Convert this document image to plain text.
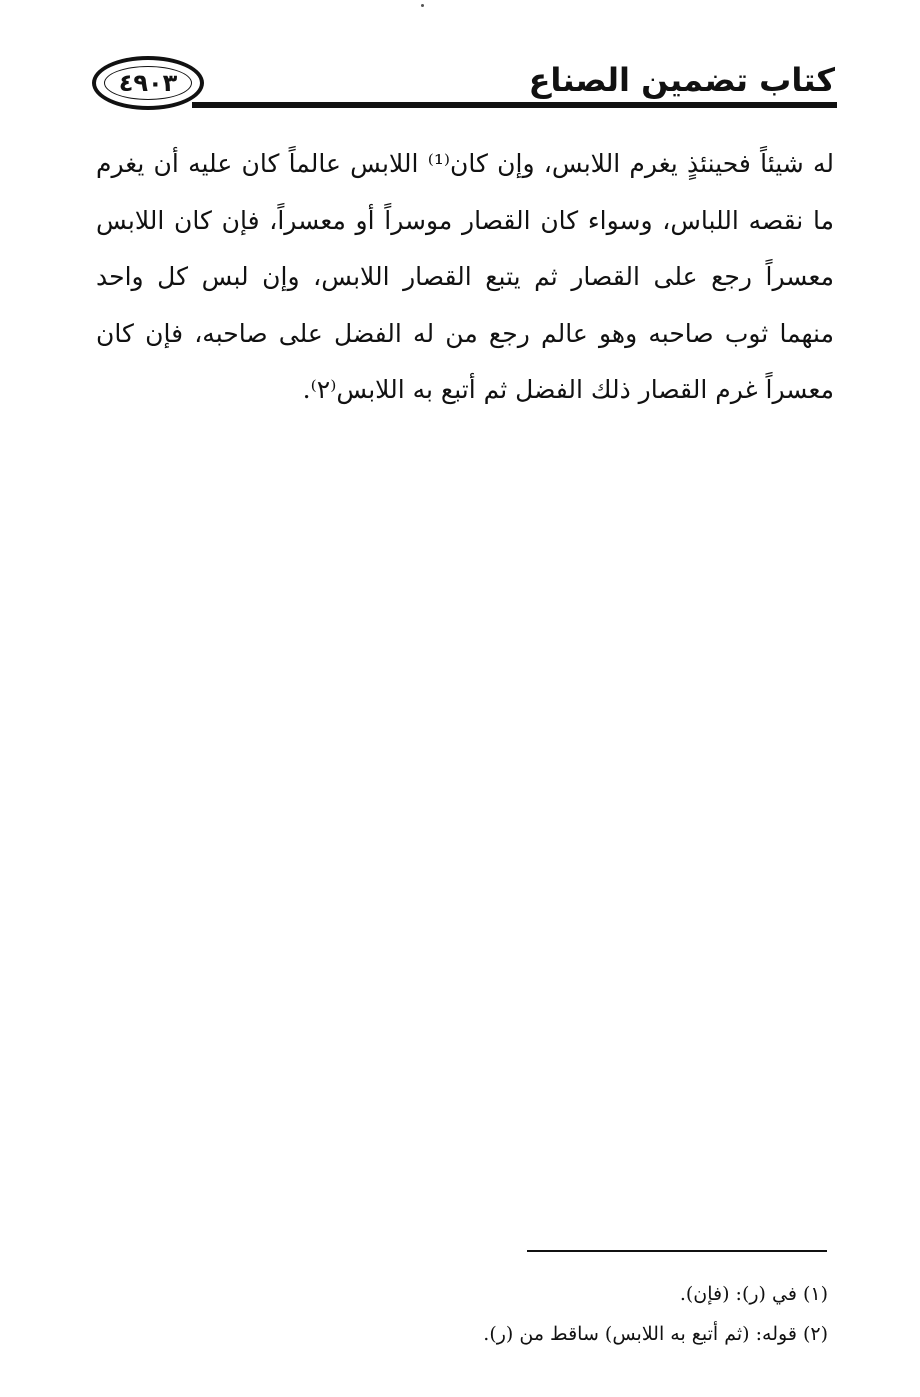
٤٩٠٣	كتاب تضمين الصناع
له شيئاً فحينئذٍ يغرم اللابس، وإن كان⁽¹⁾ اللابس عالماً كان عليه أن يغرم ما نقصه اللباس، وسواء كان القصار موسراً أو معسراً، فإن كان اللابس معسراً رجع على القصار ثم يتبع القصار اللابس، وإن لبس كل واحد منهما ثوب صاحبه وهو عالم رجع من له الفضل على صاحبه، فإن كان معسراً غرم القصار ذلك الفضل ثم أتبع به اللابس⁽٢⁾.
(١) في (ر): (فإن).
(٢) قوله: (ثم أتبع به اللابس) ساقط من (ر).
